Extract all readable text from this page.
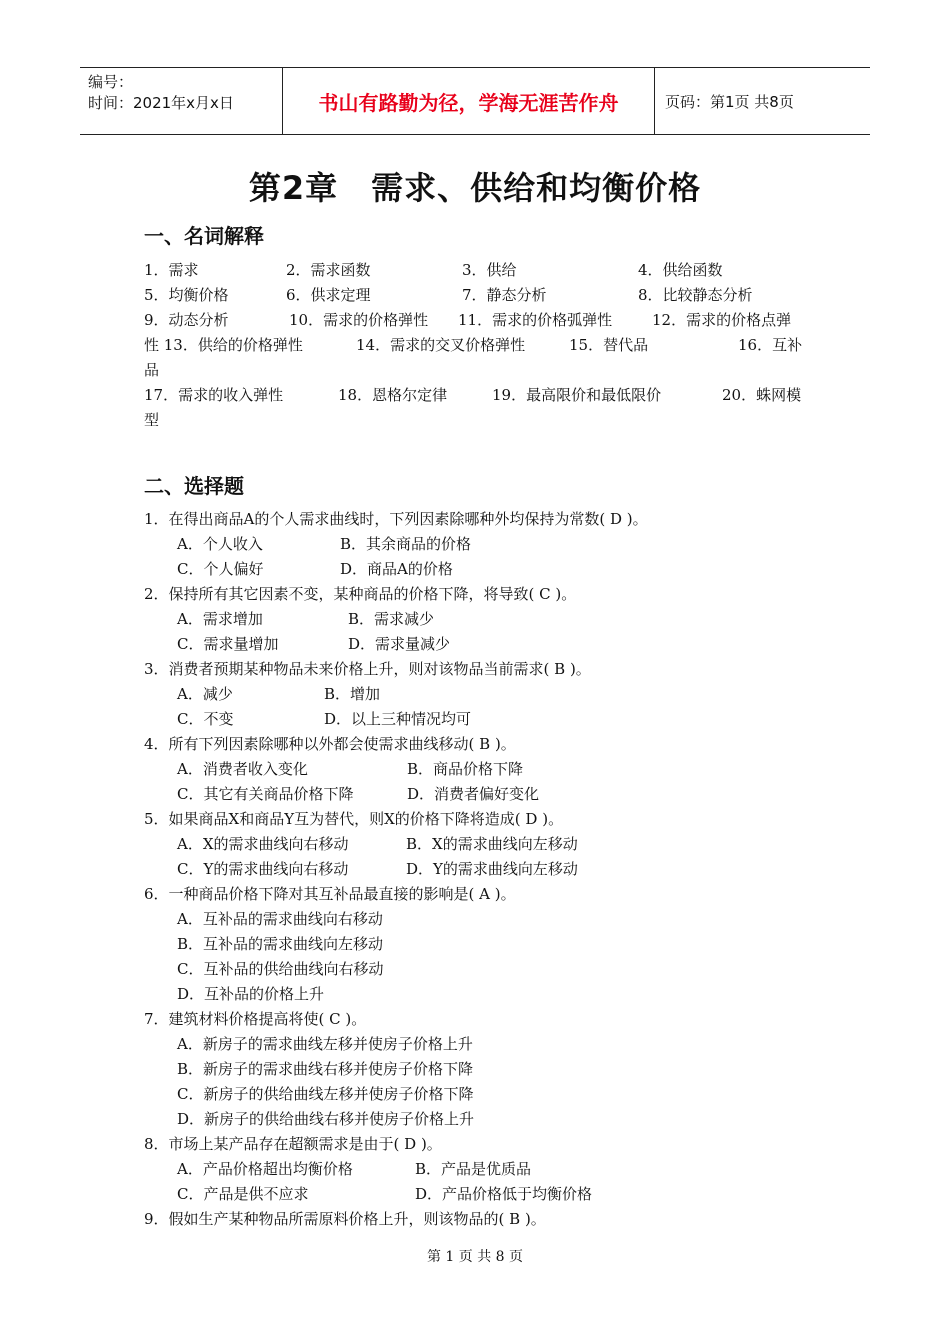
编号：
时间：2021年x月x日	书山有路勤为径，学海无涯苦作舟	页码：第1页 共8页
第2章　需求、供给和均衡价格
一、名词解释
1．需求	2．需求函数	3．供给	4．供给函数
5．均衡价格	6．供求定理	7．静态分析	8．比较静态分析
9．动态分析	10．需求的价格弹性 11．需求的价格弧弹性	12．需求的价格点弹
性 13．供给的价格弹性	14．需求的交叉价格弹性	15．替代品	16．互补
品
17．需求的收入弹性	18．恩格尔定律	19．最高限价和最低限价	20．蛛网模
型
二、选择题
1．在得出商品A的个人需求曲线时，下列因素除哪种外均保持为常数( D )。
A．个人收入	B．其余商品的价格
C．个人偏好	D．商品A的价格
2．保持所有其它因素不变，某种商品的价格下降，将导致( C )。
A．需求增加	B．需求减少
C．需求量增加	D．需求量减少
3．消费者预期某种物品未来价格上升，则对该物品当前需求( B )。
A．减少	B．增加
C．不变	D．以上三种情况均可
4．所有下列因素除哪种以外都会使需求曲线移动( B )。
A．消费者收入变化	B．商品价格下降
C．其它有关商品价格下降	D．消费者偏好变化
5．如果商品X和商品Y互为替代，则X的价格下降将造成( D )。
A．X的需求曲线向右移动	B．X的需求曲线向左移动
C．Y的需求曲线向右移动	D．Y的需求曲线向左移动
6．一种商品价格下降对其互补品最直接的影响是( A )。
A．互补品的需求曲线向右移动
B．互补品的需求曲线向左移动
C．互补品的供给曲线向右移动
D．互补品的价格上升
7．建筑材料价格提高将使( C )。
A．新房子的需求曲线左移并使房子价格上升
B．新房子的需求曲线右移并使房子价格下降
C．新房子的供给曲线左移并使房子价格下降
D．新房子的供给曲线右移并使房子价格上升
8．市场上某产品存在超额需求是由于( D )。
A．产品价格超出均衡价格	B．产品是优质品
C．产品是供不应求	D．产品价格低于均衡价格
9．假如生产某种物品所需原料价格上升，则该物品的( B )。
第 1 页 共 8 页
